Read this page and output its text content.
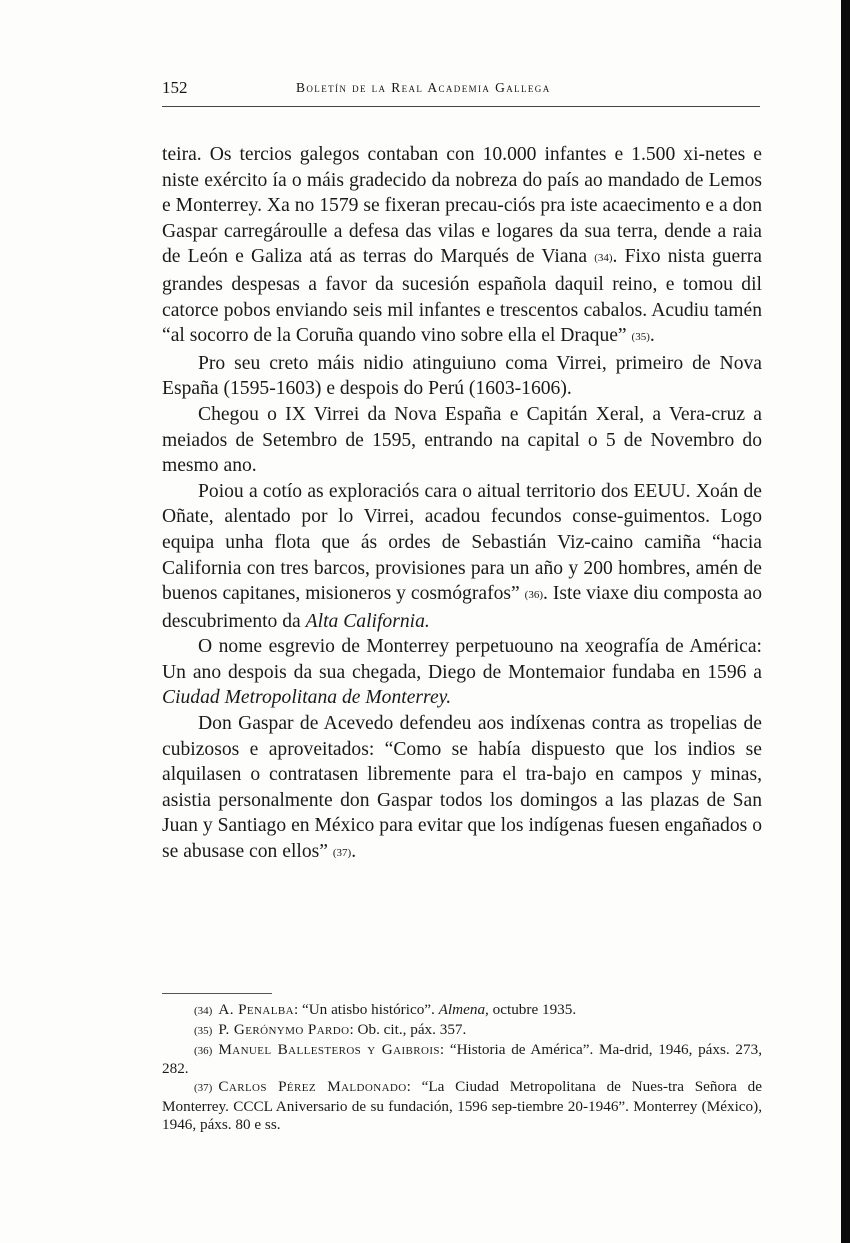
152	Boletín de la Real Academia Gallega

teira. Os tercios galegos contaban con 10.000 infantes e 1.500 xi-netes e niste exército ía o máis gradecido da nobreza do país ao mandado de Lemos e Monterrey. Xa no 1579 se fixeran precau-ciós pra iste acaecimento e a don Gaspar carregároulle a defesa das vilas e logares da sua terra, dende a raia de León e Galiza atá as terras do Marqués de Viana (34). Fixo nista guerra grandes despesas a favor da sucesión española daquil reino, e tomou dil catorce pobos enviando seis mil infantes e trescentos cabalos. Acudiu tamén “al socorro de la Coruña quando vino sobre ella el Draque” (35).

Pro seu creto máis nidio atinguiuno coma Virrei, primeiro de Nova España (1595-1603) e despois do Perú (1603-1606).

Chegou o IX Virrei da Nova España e Capitán Xeral, a Vera-cruz a meiados de Setembro de 1595, entrando na capital o 5 de Novembro do mesmo ano.

Poiou a cotío as exploraciós cara o aitual territorio dos EEUU. Xoán de Oñate, alentado por lo Virrei, acadou fecundos conse-guimentos. Logo equipa unha flota que ás ordes de Sebastián Viz-caino camiña “hacia California con tres barcos, provisiones para un año y 200 hombres, amén de buenos capitanes, misioneros y cosmógrafos” (36). Iste viaxe diu composta ao descubrimento da Alta California.

O nome esgrevio de Monterrey perpetuouno na xeografía de América: Un ano despois da sua chegada, Diego de Montemaior fundaba en 1596 a Ciudad Metropolitana de Monterrey.

Don Gaspar de Acevedo defendeu aos indíxenas contra as tropelias de cubizosos e aproveitados: “Como se había dispuesto que los indios se alquilasen o contratasen libremente para el tra-bajo en campos y minas, asistia personalmente don Gaspar todos los domingos a las plazas de San Juan y Santiago en México para evitar que los indígenas fuesen engañados o se abusase con ellos” (37).

(34) A. Penalba: “Un atisbo histórico”. Almena, octubre 1935.

(35) P. Gerónymo Pardo: Ob. cit., páx. 357.

(36) Manuel Ballesteros y Gaibrois: “Historia de América”. Ma-drid, 1946, páxs. 273, 282.

(37) Carlos Pérez Maldonado: “La Ciudad Metropolitana de Nues-tra Señora de Monterrey. CCCL Aniversario de su fundación, 1596 sep-tiembre 20-1946”. Monterrey (México), 1946, páxs. 80 e ss.
